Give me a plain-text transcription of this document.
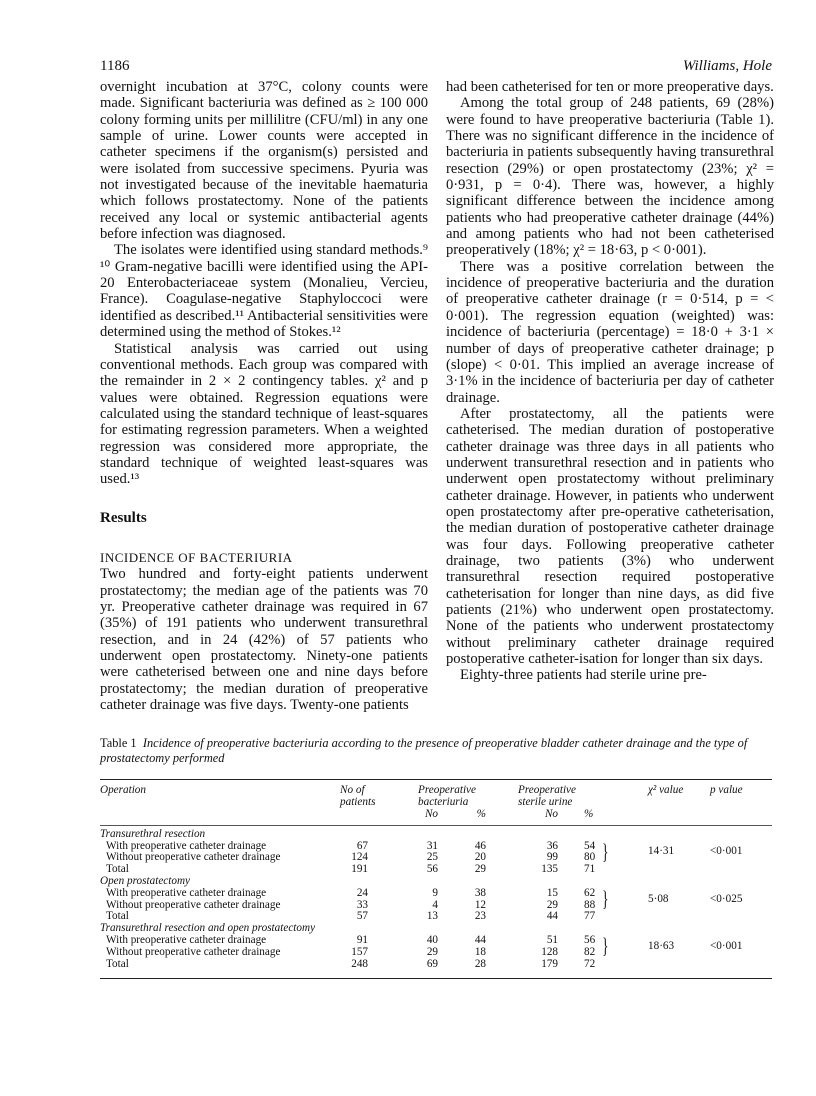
1186	Williams, Hole

overnight incubation at 37°C, colony counts were made. Significant bacteriuria was defined as ≥ 100 000 colony forming units per millilitre (CFU/ml) in any one sample of urine. Lower counts were accepted in catheter specimens if the organism(s) persisted and were isolated from successive specimens. Pyuria was not investigated because of the inevitable haematuria which follows prostatectomy. None of the patients received any local or systemic antibacterial agents before infection was diagnosed.

The isolates were identified using standard methods.⁹ ¹⁰ Gram-negative bacilli were identified using the API-20 Enterobacteriaceae system (Monalieu, Vercieu, France). Coagulase-negative Staphyloccoci were identified as described.¹¹ Antibacterial sensitivities were determined using the method of Stokes.¹²

Statistical analysis was carried out using conventional methods. Each group was compared with the remainder in 2 × 2 contingency tables. χ² and p values were obtained. Regression equations were calculated using the standard technique of least-squares for estimating regression parameters. When a weighted regression was considered more appropriate, the standard technique of weighted least-squares was used.¹³

Results
INCIDENCE OF BACTERIURIA

Two hundred and forty-eight patients underwent prostatectomy; the median age of the patients was 70 yr. Preoperative catheter drainage was required in 67 (35%) of 191 patients who underwent transurethral resection, and in 24 (42%) of 57 patients who underwent open prostatectomy. Ninety-one patients were catheterised between one and nine days before prostatectomy; the median duration of preoperative catheter drainage was five days. Twenty-one patients

had been catheterised for ten or more preoperative days.

Among the total group of 248 patients, 69 (28%) were found to have preoperative bacteriuria (Table 1). There was no significant difference in the incidence of bacteriuria in patients subsequently having transurethral resection (29%) or open prostatectomy (23%; χ² = 0·931, p = 0·4). There was, however, a highly significant difference between the incidence among patients who had preoperative catheter drainage (44%) and among patients who had not been catheterised preoperatively (18%; χ² = 18·63, p < 0·001).

There was a positive correlation between the incidence of preoperative bacteriuria and the duration of preoperative catheter drainage (r = 0·514, p = < 0·001). The regression equation (weighted) was: incidence of bacteriuria (percentage) = 18·0 + 3·1 × number of days of preoperative catheter drainage; p (slope) < 0·01. This implied an average increase of 3·1% in the incidence of bacteriuria per day of catheter drainage.

After prostatectomy, all the patients were catheterised. The median duration of postoperative catheter drainage was three days in all patients who underwent transurethral resection and in patients who underwent open prostatectomy without preliminary catheter drainage. However, in patients who underwent open prostatectomy after pre-operative catheterisation, the median duration of postoperative catheter drainage was four days. Following preoperative catheter drainage, two patients (3%) who underwent transurethral resection required postoperative catheterisation for longer than nine days, as did five patients (21%) who underwent open prostatectomy. None of the patients who underwent prostatectomy without preliminary catheter drainage required postoperative catheter-isation for longer than six days.

Eighty-three patients had sterile urine pre-

Table 1 Incidence of preoperative bacteriuria according to the presence of preoperative bladder catheter drainage and the type of prostatectomy performed
Operation	No of patients
Preoperative bacteriuria
Preoperative sterile urine
χ² value p value
No	%	No %
Transurethral resection
With preoperative catheter drainage	67	31	46	36 54 }
Without preoperative catheter drainage	124	25	20	99 80	14·31	<0·001
Total	191	56	29	135 71
Open prostatectomy
With preoperative catheter drainage	24	9	38	15 62 }
Without preoperative catheter drainage	33	4	12	29 88	5·08	<0·025
Total	57	13	23	44 77
Transurethral resection and open prostatectomy
With preoperative catheter drainage	91	40	44	51 56 }
Without preoperative catheter drainage	157	29	18	128 82	18·63	<0·001
Total	248	69	28	179 72
